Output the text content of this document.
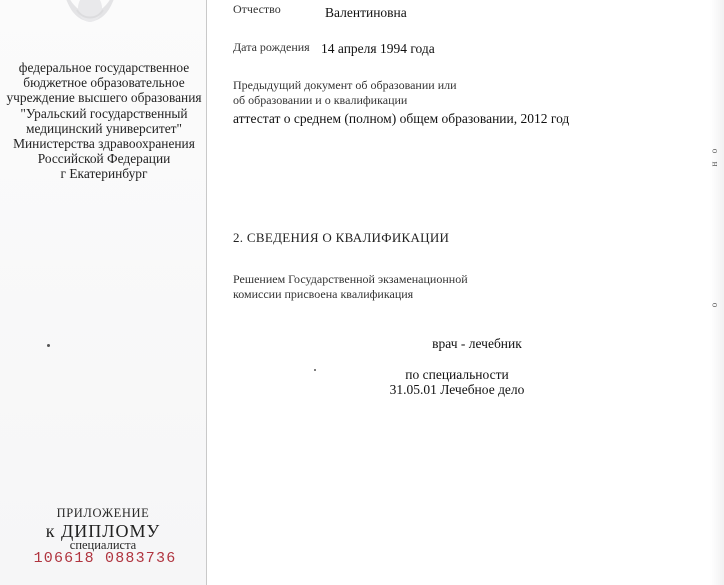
федеральное государственное
бюджетное образовательное
учреждение высшего образования
"Уральский государственный
медицинский университет"
Министерства здравоохранения
Российской Федерации
г Екатеринбург
ПРИЛОЖЕНИЕ
к ДИПЛОМУ
специалиста
106618 0883736
Отчество	Валентиновна
Дата рождения 14 апреля 1994 года
Предыдущий документ об образовании или
об образовании и о квалификации
аттестат о среднем (полном) общем образовании, 2012 год
2. СВЕДЕНИЯ О КВАЛИФИКАЦИИ
Решением Государственной экзаменационной
комиссии присвоена квалификация
врач - лечебник
по специальности
31.05.01 Лечебное дело
о
н
о
